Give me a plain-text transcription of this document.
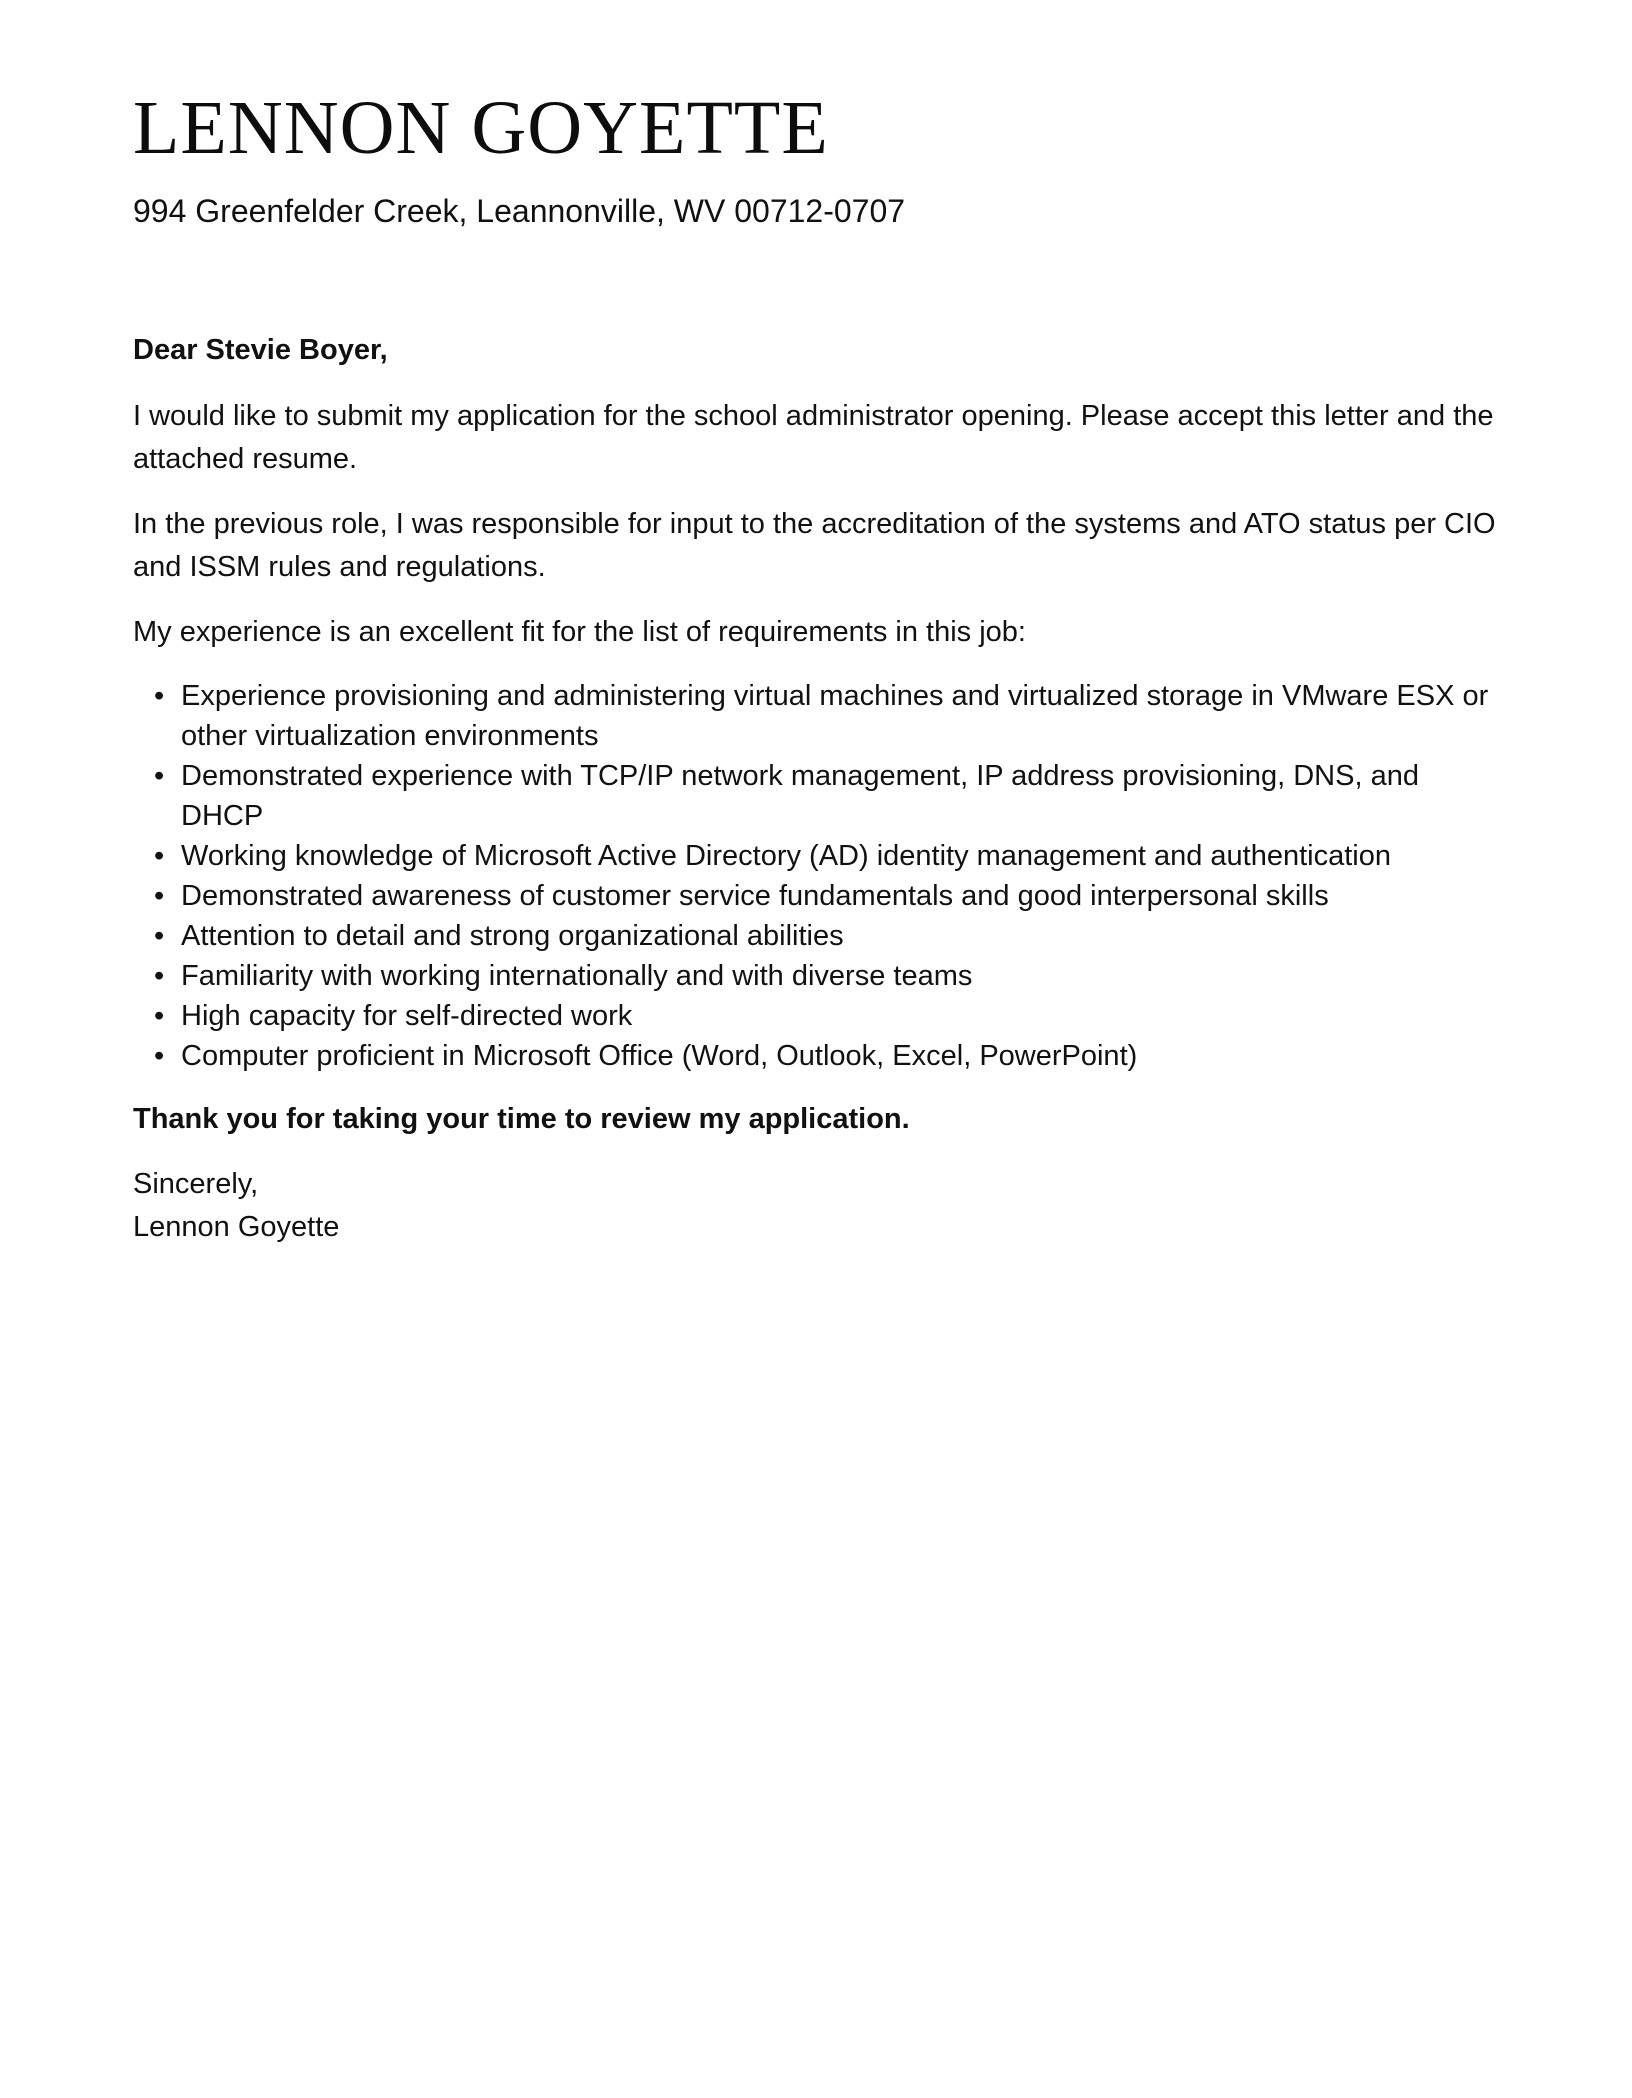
LENNON GOYETTE
994 Greenfelder Creek, Leannonville, WV 00712-0707

Dear Stevie Boyer,

I would like to submit my application for the school administrator opening. Please accept this letter and the attached resume.

In the previous role, I was responsible for input to the accreditation of the systems and ATO status per CIO and ISSM rules and regulations.

My experience is an excellent fit for the list of requirements in this job:

• Experience provisioning and administering virtual machines and virtualized storage in VMware ESX or other virtualization environments
• Demonstrated experience with TCP/IP network management, IP address provisioning, DNS, and DHCP
• Working knowledge of Microsoft Active Directory (AD) identity management and authentication
• Demonstrated awareness of customer service fundamentals and good interpersonal skills
• Attention to detail and strong organizational abilities
• Familiarity with working internationally and with diverse teams
• High capacity for self-directed work
• Computer proficient in Microsoft Office (Word, Outlook, Excel, PowerPoint)

Thank you for taking your time to review my application.

Sincerely,
Lennon Goyette
